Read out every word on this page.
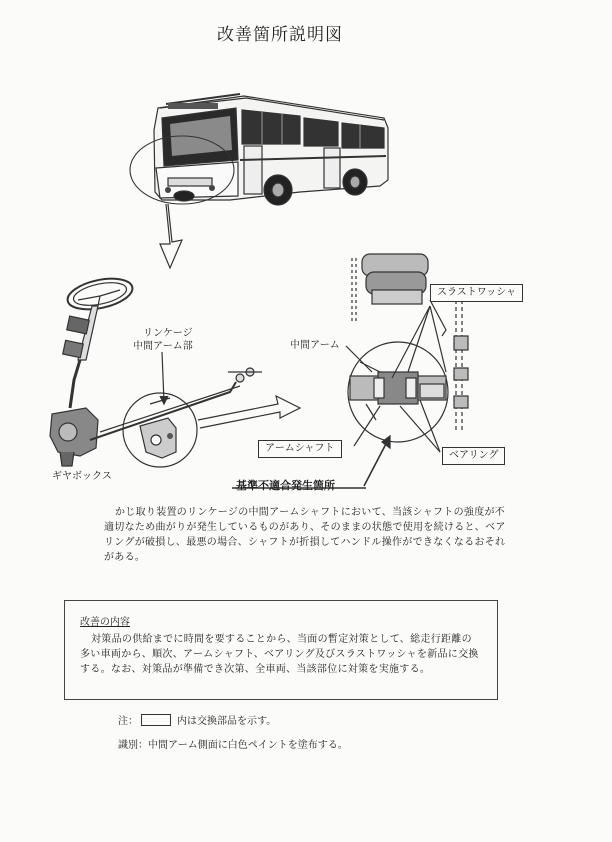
改善箇所説明図
リンケージ
中間アーム部
ギヤボックス
スラストワッシャ
中間アーム
アームシャフト
ベアリング
基準不適合発生箇所
かじ取り装置のリンケージの中間アームシャフトにおいて、当該シャフトの強度が不適切なため曲がりが発生しているものがあり、そのままの状態で使用を続けると、ベアリングが破損し、最悪の場合、シャフトが折損してハンドル操作ができなくなるおそれがある。
改善の内容
対策品の供給までに時間を要することから、当面の暫定対策として、総走行距離の多い車両から、順次、アームシャフト、ベアリング及びスラストワッシャを新品に交換する。なお、対策品が準備でき次第、全車両、当該部位に対策を実施する。
注：	内は交換部品を示す。
識別：中間アーム側面に白色ペイントを塗布する。
